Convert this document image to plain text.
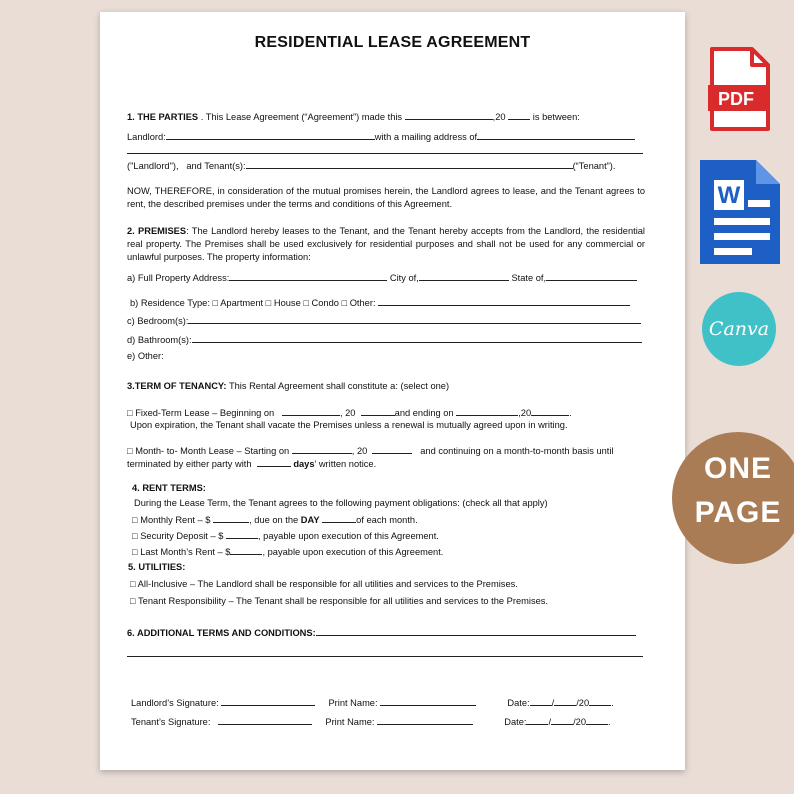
RESIDENTIAL LEASE AGREEMENT
1. THE PARTIES . This Lease Agreement (“Agreement”) made this	,20	is between:
Landlord:	with a mailing address of
("Landlord"), and Tenant(s):	(“Tenant”).
NOW, THEREFORE, in consideration of the mutual promises herein, the Landlord agrees to lease, and the Tenant agrees to rent, the described premises under the terms and conditions of this Agreement.
2. PREMISES: The Landlord hereby leases to the Tenant, and the Tenant hereby accepts from the Landlord, the residential real property. The Premises shall be used exclusively for residential purposes and shall not be used for any commercial or unlawful purposes. The property information:
a) Full Property Address:	City of,	State of,
b) Residence Type: □ Apartment □ House □ Condo □ Other:
c) Bedroom(s):
d) Bathroom(s):
e) Other:
3.TERM OF TENANCY: This Rental Agreement shall constitute a: (select one)
□ Fixed-Term Lease – Beginning on	, 20	and ending on	,20	.
Upon expiration, the Tenant shall vacate the Premises unless a renewal is mutually agreed upon in writing.
□ Month- to- Month Lease – Starting on	, 20	and continuing on a month-to-month basis until
terminated by either party with	days’ written notice.
4. RENT TERMS:
During the Lease Term, the Tenant agrees to the following payment obligations: (check all that apply)
□ Monthly Rent – $	, due on the DAY	of each month.
□ Security Deposit – $	, payable upon execution of this Agreement.
□ Last Month’s Rent – $	, payable upon execution of this Agreement.
5. UTILITIES:
□ All-Inclusive – The Landlord shall be responsible for all utilities and services to the Premises.
□ Tenant Responsibility – The Tenant shall be responsible for all utilities and services to the Premises.
6. ADDITIONAL TERMS AND CONDITIONS:
Landlord’s Signature:	Print Name:	Date: / /20 .
Tenant’s Signature:	Print Name:	Date: / /20 .
PDF
W
Canva
ONE
PAGE
